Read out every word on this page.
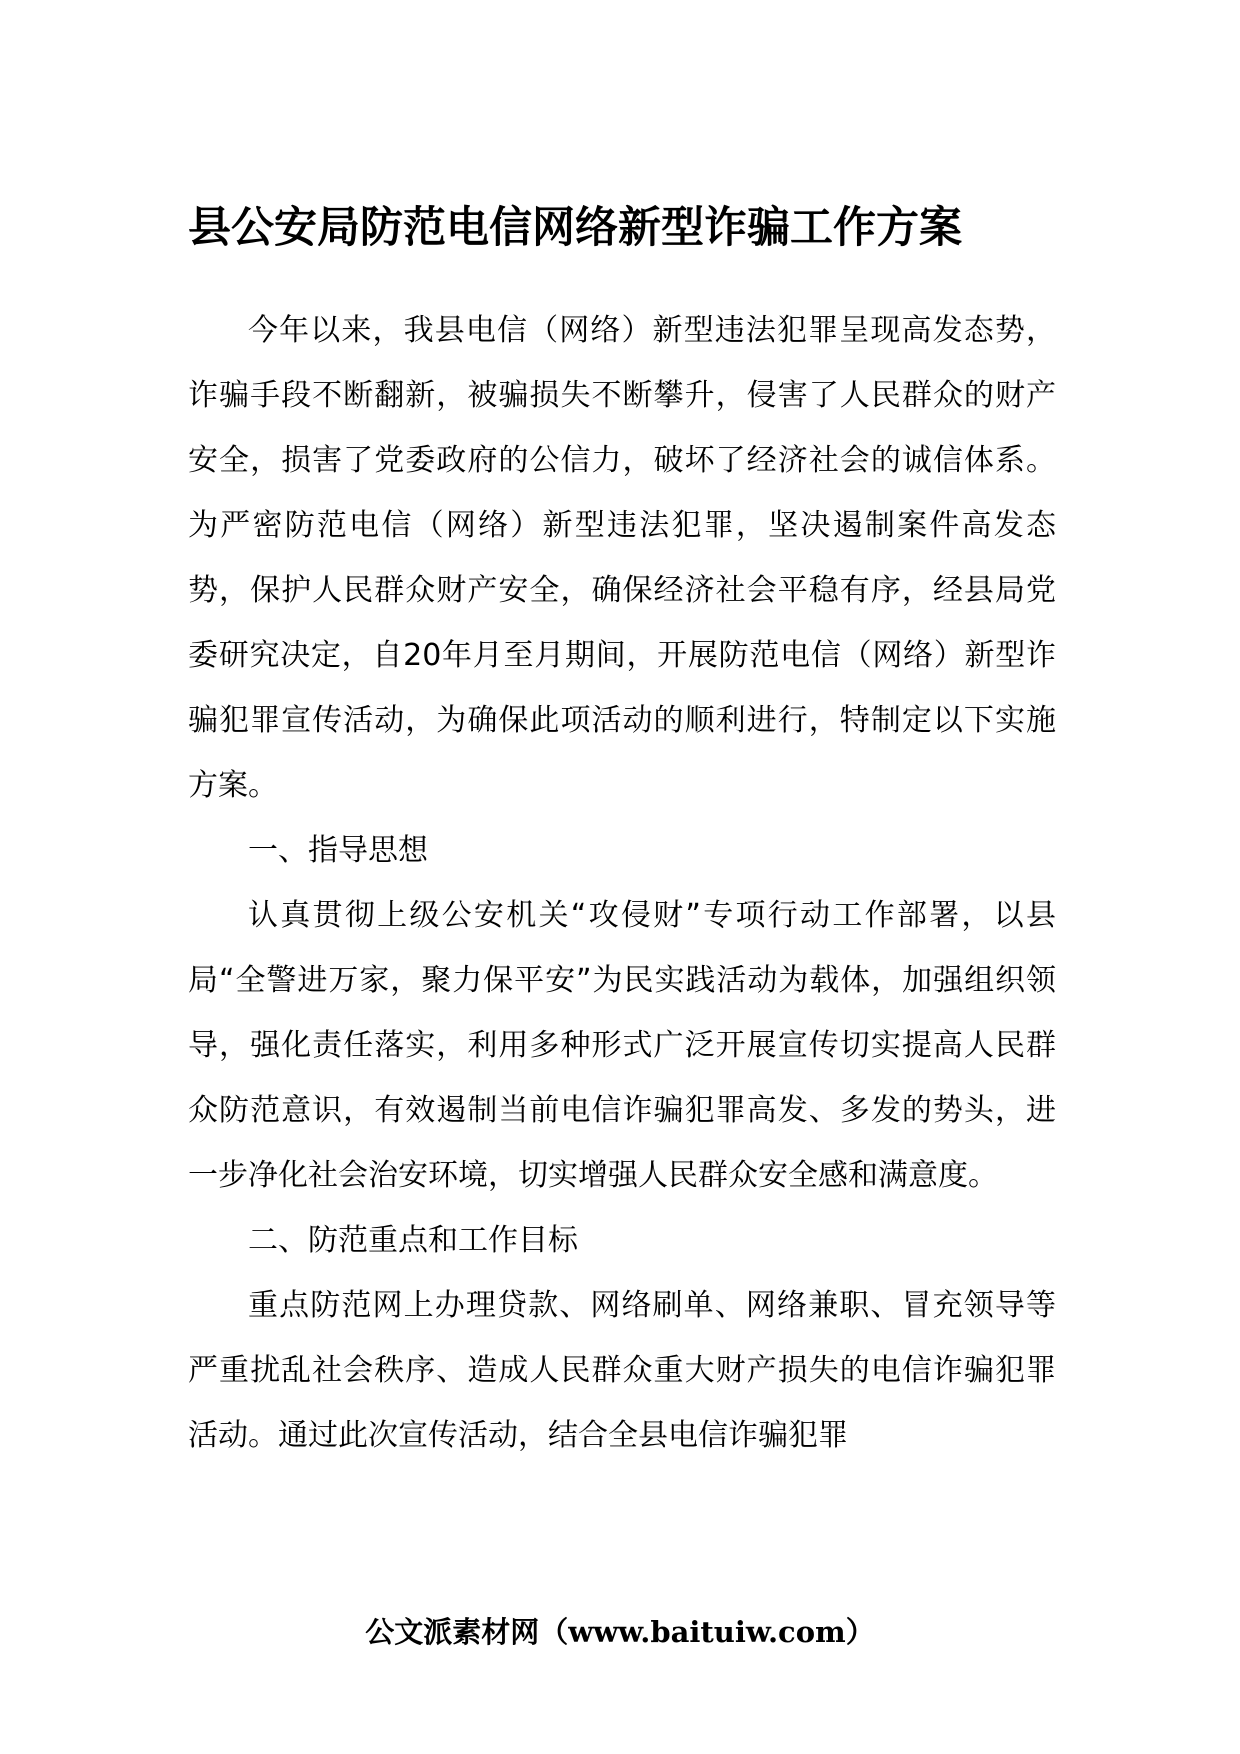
县公安局防范电信网络新型诈骗工作方案

今年以来，我县电信（网络）新型违法犯罪呈现高发态势，诈骗手段不断翻新，被骗损失不断攀升，侵害了人民群众的财产安全，损害了党委政府的公信力，破坏了经济社会的诚信体系。为严密防范电信（网络）新型违法犯罪，坚决遏制案件高发态势，保护人民群众财产安全，确保经济社会平稳有序，经县局党委研究决定，自20年月至月期间，开展防范电信（网络）新型诈骗犯罪宣传活动，为确保此项活动的顺利进行，特制定以下实施方案。

一、指导思想

认真贯彻上级公安机关“攻侵财”专项行动工作部署，以县局“全警进万家，聚力保平安”为民实践活动为载体，加强组织领导，强化责任落实，利用多种形式广泛开展宣传切实提高人民群众防范意识，有效遏制当前电信诈骗犯罪高发、多发的势头，进一步净化社会治安环境，切实增强人民群众安全感和满意度。

二、防范重点和工作目标

重点防范网上办理贷款、网络刷单、网络兼职、冒充领导等严重扰乱社会秩序、造成人民群众重大财产损失的电信诈骗犯罪活动。通过此次宣传活动，结合全县电信诈骗犯罪

公文派素材网（www.baituiw.com）
